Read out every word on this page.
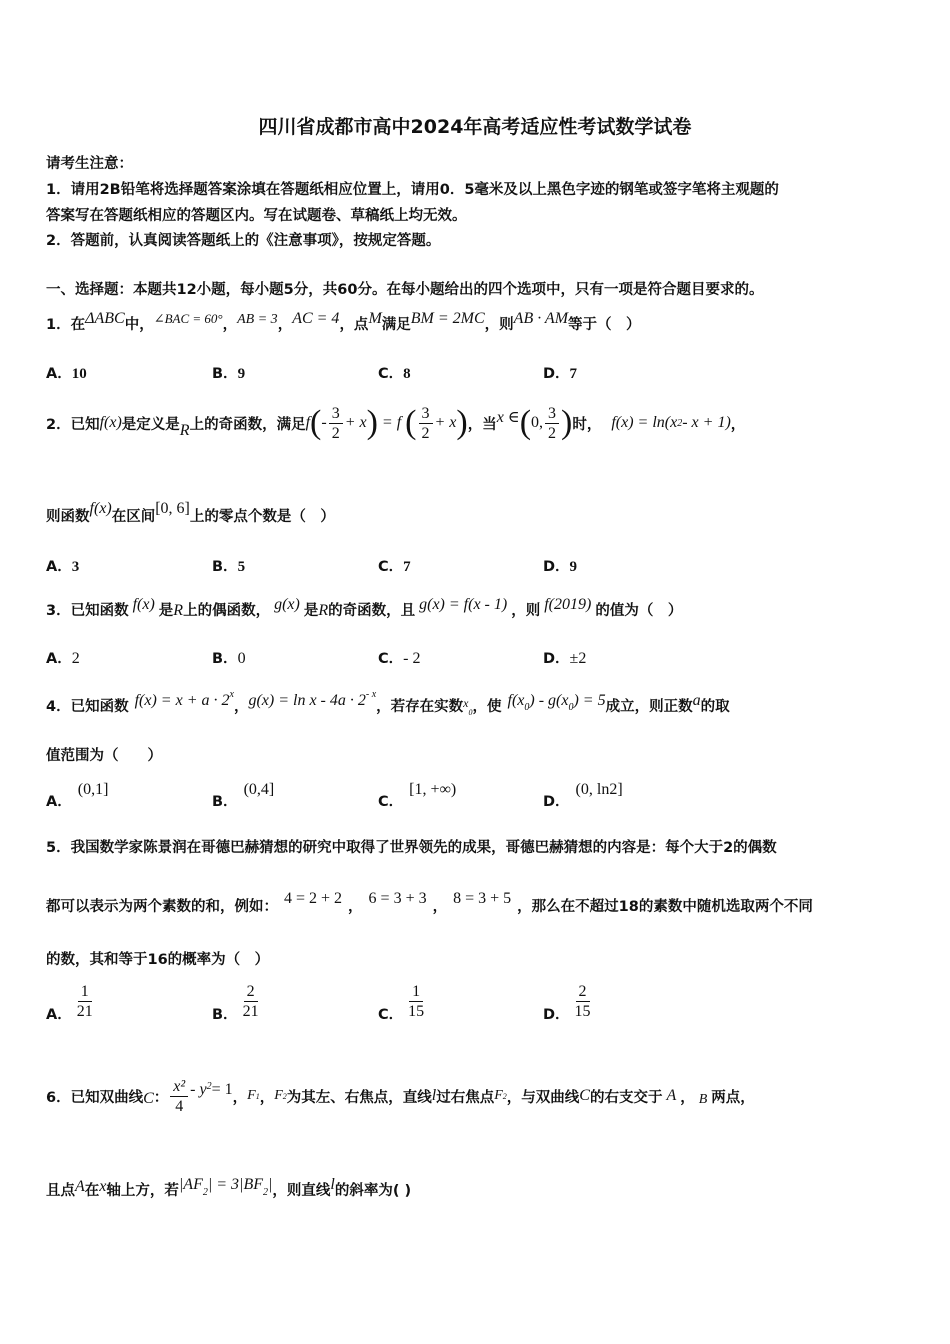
四川省成都市高中2024年高考适应性考试数学试卷
请考生注意：
1．请用2B铅笔将选择题答案涂填在答题纸相应位置上，请用0．5毫米及以上黑色字迹的钢笔或签字笔将主观题的
答案写在答题纸相应的答题区内。写在试题卷、草稿纸上均无效。
2．答题前，认真阅读答题纸上的《注意事项》，按规定答题。
一、选择题：本题共12小题，每小题5分，共60分。在每小题给出的四个选项中，只有一项是符合题目要求的。
1．在ΔABC中，∠BAC = 60°，AB = 3，AC = 4，点M满足BM = 2MC，则AB · AM等于（　）
A．10	B．9	C．8	D．7
2．已知 f(x) 是定义是 R 上的奇函数，满足 f ( - $\frac{3}{2} + x$ ) = f ( $\frac{3}{2} + x$ ) ，当 x ∈ ( 0, $\frac{3}{2}$ ) 时， f(x) = ln(x 2 - x + 1) ，
则函数f(x)在区间[0, 6]上的零点个数是（　）
A．3	B．5	C．7	D．9
3．已知函数 f(x) 是R上的偶函数， g(x) 是R的奇函数，且 g(x) = f(x - 1) ，则 f(2019) 的值为（　）
A．2	B．0	C．- 2	D．±2
4．已知函数 $f(x) = x + a \cdot 2^x$，$g(x) = \ln x - 4a \cdot 2^{- x}$，若存在实数$^x_0$，使 f(x0) - g(x0) = 5成立，则正数a的取
值范围为（　　）
A．(0,1]
B．(0,4]
C．[1, +∞)
D．(0, ln2]
5．我国数学家陈景润在哥德巴赫猜想的研究中取得了世界领先的成果，哥德巴赫猜想的内容是：每个大于2的偶数
都可以表示为两个素数的和，例如： 4 = 2 + 2 ， 6 = 3 + 3 ， 8 = 3 + 5 ，那么在不超过18的素数中随机选取两个不同
的数，其和等于16的概率为（　）
A． $\frac{1}{21}$	B． $\frac{2}{21}$	C． $\frac{1}{15}$	D． $\frac{2}{15}$
6．已知双曲线 C ： $\frac{\text{x²}}{4}$ - y 2 = 1 ， F 1 ， F 2 为其左、右焦点，直线 l 过右焦点 F 2 ，与双曲线 C 的右支交于 A ， B 两点，
且点A在x轴上方，若|AF2| = 3|BF2|，则直线l的斜率为( )
